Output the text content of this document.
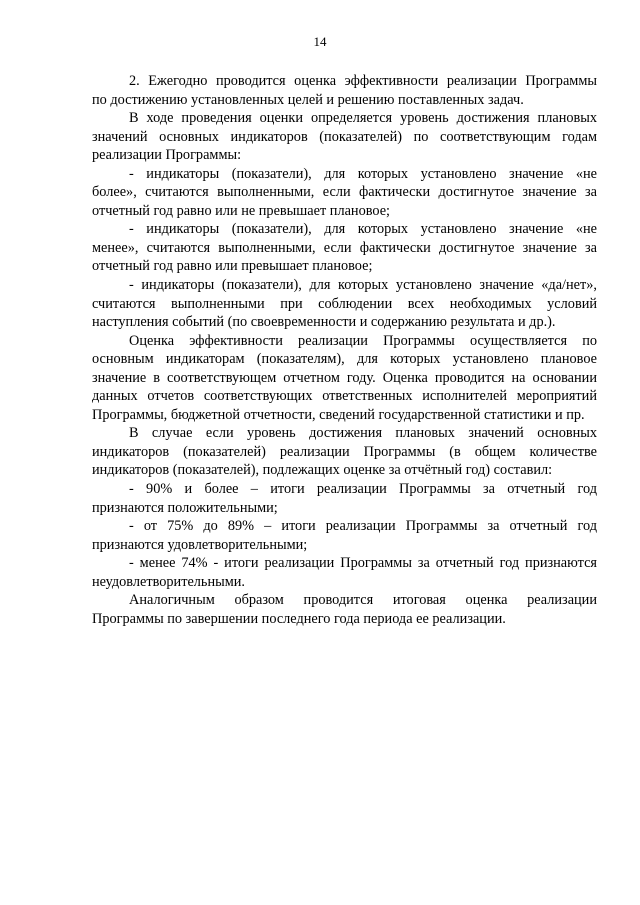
14
2. Ежегодно проводится оценка эффективности реализации Программы
по достижению установленных целей и решению поставленных задач.
В ходе проведения оценки определяется уровень достижения плановых
значений основных индикаторов (показателей) по соответствующим годам
реализации Программы:
- индикаторы (показатели), для которых установлено значение «не
более», считаются выполненными, если фактически достигнутое значение за
отчетный год равно или не превышает плановое;
- индикаторы (показатели), для которых установлено значение «не
менее», считаются выполненными, если фактически достигнутое значение за
отчетный год равно или превышает плановое;
- индикаторы (показатели), для которых установлено значение «да/нет»,
считаются выполненными при соблюдении всех необходимых условий
наступления событий (по своевременности и содержанию результата и др.).
Оценка эффективности реализации Программы осуществляется по
основным индикаторам (показателям), для которых установлено плановое
значение в соответствующем отчетном году. Оценка проводится на основании
данных отчетов соответствующих ответственных исполнителей мероприятий
Программы, бюджетной отчетности, сведений государственной статистики и пр.
В случае если уровень достижения плановых значений основных
индикаторов (показателей) реализации Программы (в общем количестве
индикаторов (показателей), подлежащих оценке за отчётный год) составил:
- 90% и более – итоги реализации Программы за отчетный год
признаются положительными;
- от 75% до 89% – итоги реализации Программы за отчетный год
признаются удовлетворительными;
- менее 74% - итоги реализации Программы за отчетный год признаются
неудовлетворительными.
Аналогичным образом проводится итоговая оценка реализации
Программы по завершении последнего года периода ее реализации.
